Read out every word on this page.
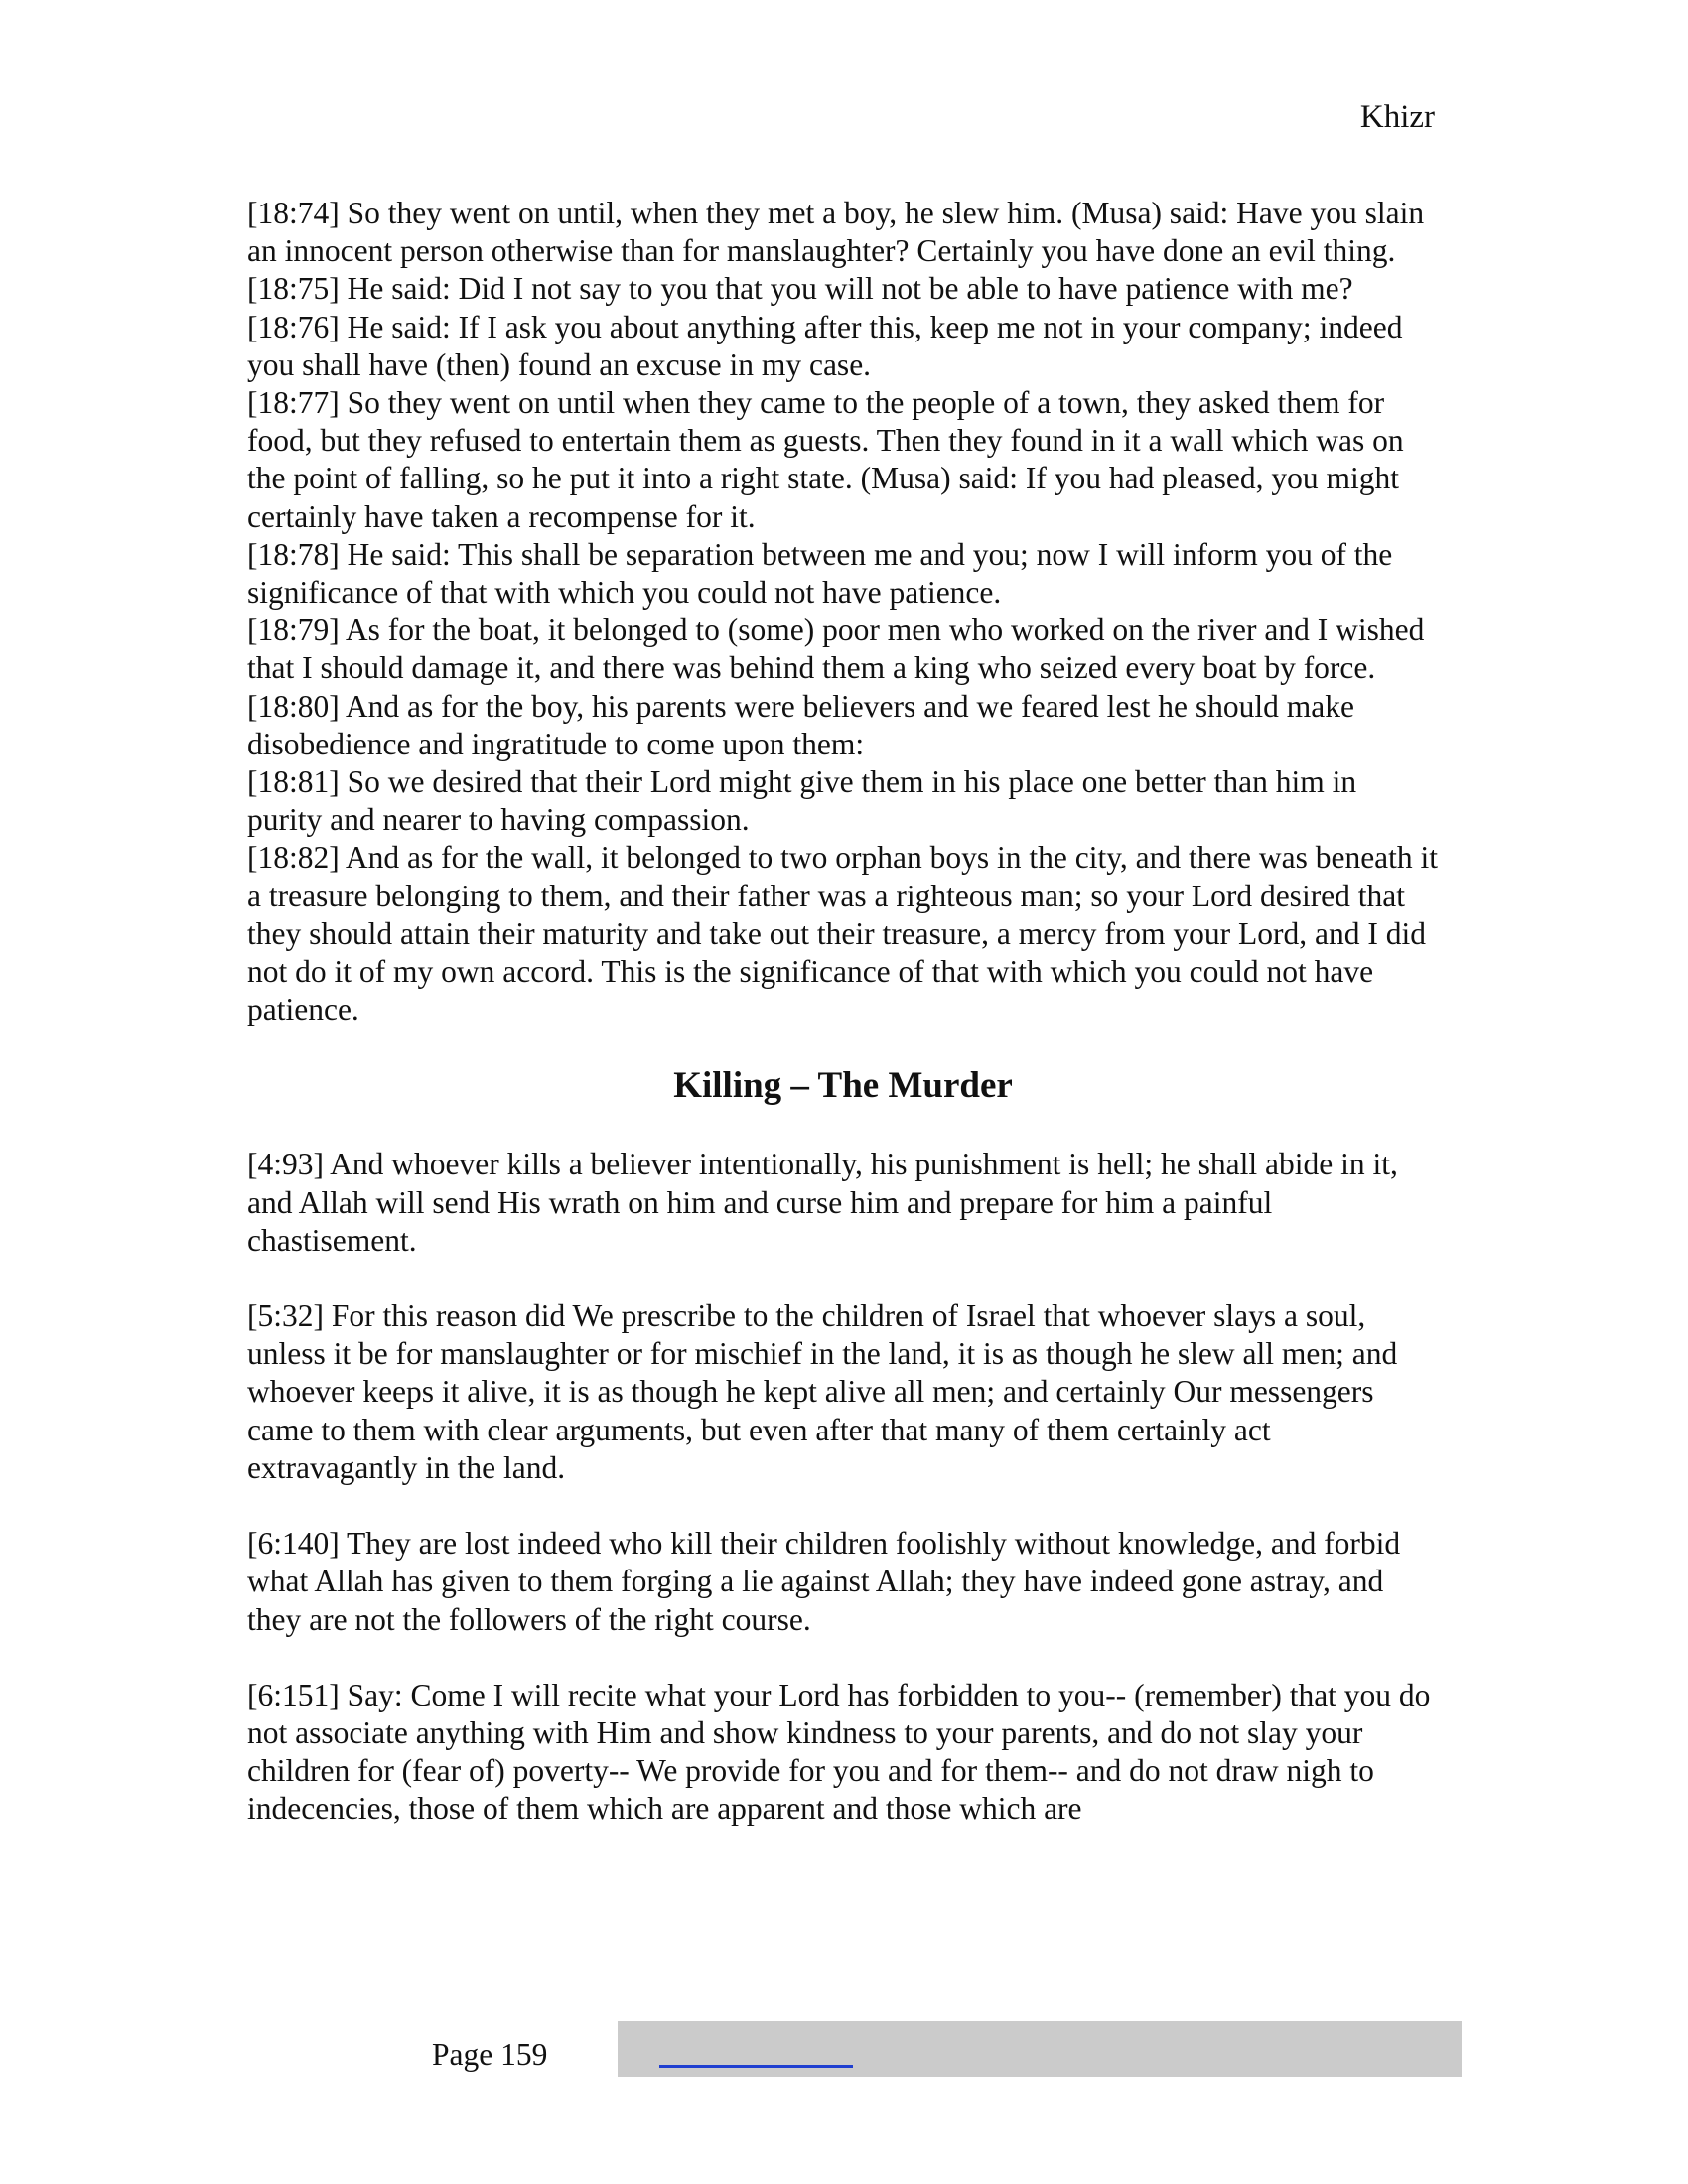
Khizr

[18:74] So they went on until, when they met a boy, he slew him. (Musa) said: Have you slain an innocent person otherwise than for manslaughter? Certainly you have done an evil thing.

[18:75] He said: Did I not say to you that you will not be able to have patience with me?

[18:76] He said: If I ask you about anything after this, keep me not in your company; indeed you shall have (then) found an excuse in my case.

[18:77] So they went on until when they came to the people of a town, they asked them for food, but they refused to entertain them as guests. Then they found in it a wall which was on the point of falling, so he put it into a right state. (Musa) said: If you had pleased, you might certainly have taken a recompense for it.

[18:78] He said: This shall be separation between me and you; now I will inform you of the significance of that with which you could not have patience.

[18:79] As for the boat, it belonged to (some) poor men who worked on the river and I wished that I should damage it, and there was behind them a king who seized every boat by force.

[18:80] And as for the boy, his parents were believers and we feared lest he should make disobedience and ingratitude to come upon them:

[18:81] So we desired that their Lord might give them in his place one better than him in purity and nearer to having compassion.

[18:82] And as for the wall, it belonged to two orphan boys in the city, and there was beneath it a treasure belonging to them, and their father was a righteous man; so your Lord desired that they should attain their maturity and take out their treasure, a mercy from your Lord, and I did not do it of my own accord. This is the significance of that with which you could not have patience.

Killing – The Murder

[4:93] And whoever kills a believer intentionally, his punishment is hell; he shall abide in it, and Allah will send His wrath on him and curse him and prepare for him a painful chastisement.

[5:32] For this reason did We prescribe to the children of Israel that whoever slays a soul, unless it be for manslaughter or for mischief in the land, it is as though he slew all men; and whoever keeps it alive, it is as though he kept alive all men; and certainly Our messengers came to them with clear arguments, but even after that many of them certainly act extravagantly in the land.

[6:140] They are lost indeed who kill their children foolishly without knowledge, and forbid what Allah has given to them forging a lie against Allah; they have indeed gone astray, and they are not the followers of the right course.

[6:151] Say: Come I will recite what your Lord has forbidden to you-- (remember) that you do not associate anything with Him and show kindness to your parents, and do not slay your children for (fear of) poverty-- We provide for you and for them-- and do not draw nigh to indecencies, those of them which are apparent and those which are

Page 159
